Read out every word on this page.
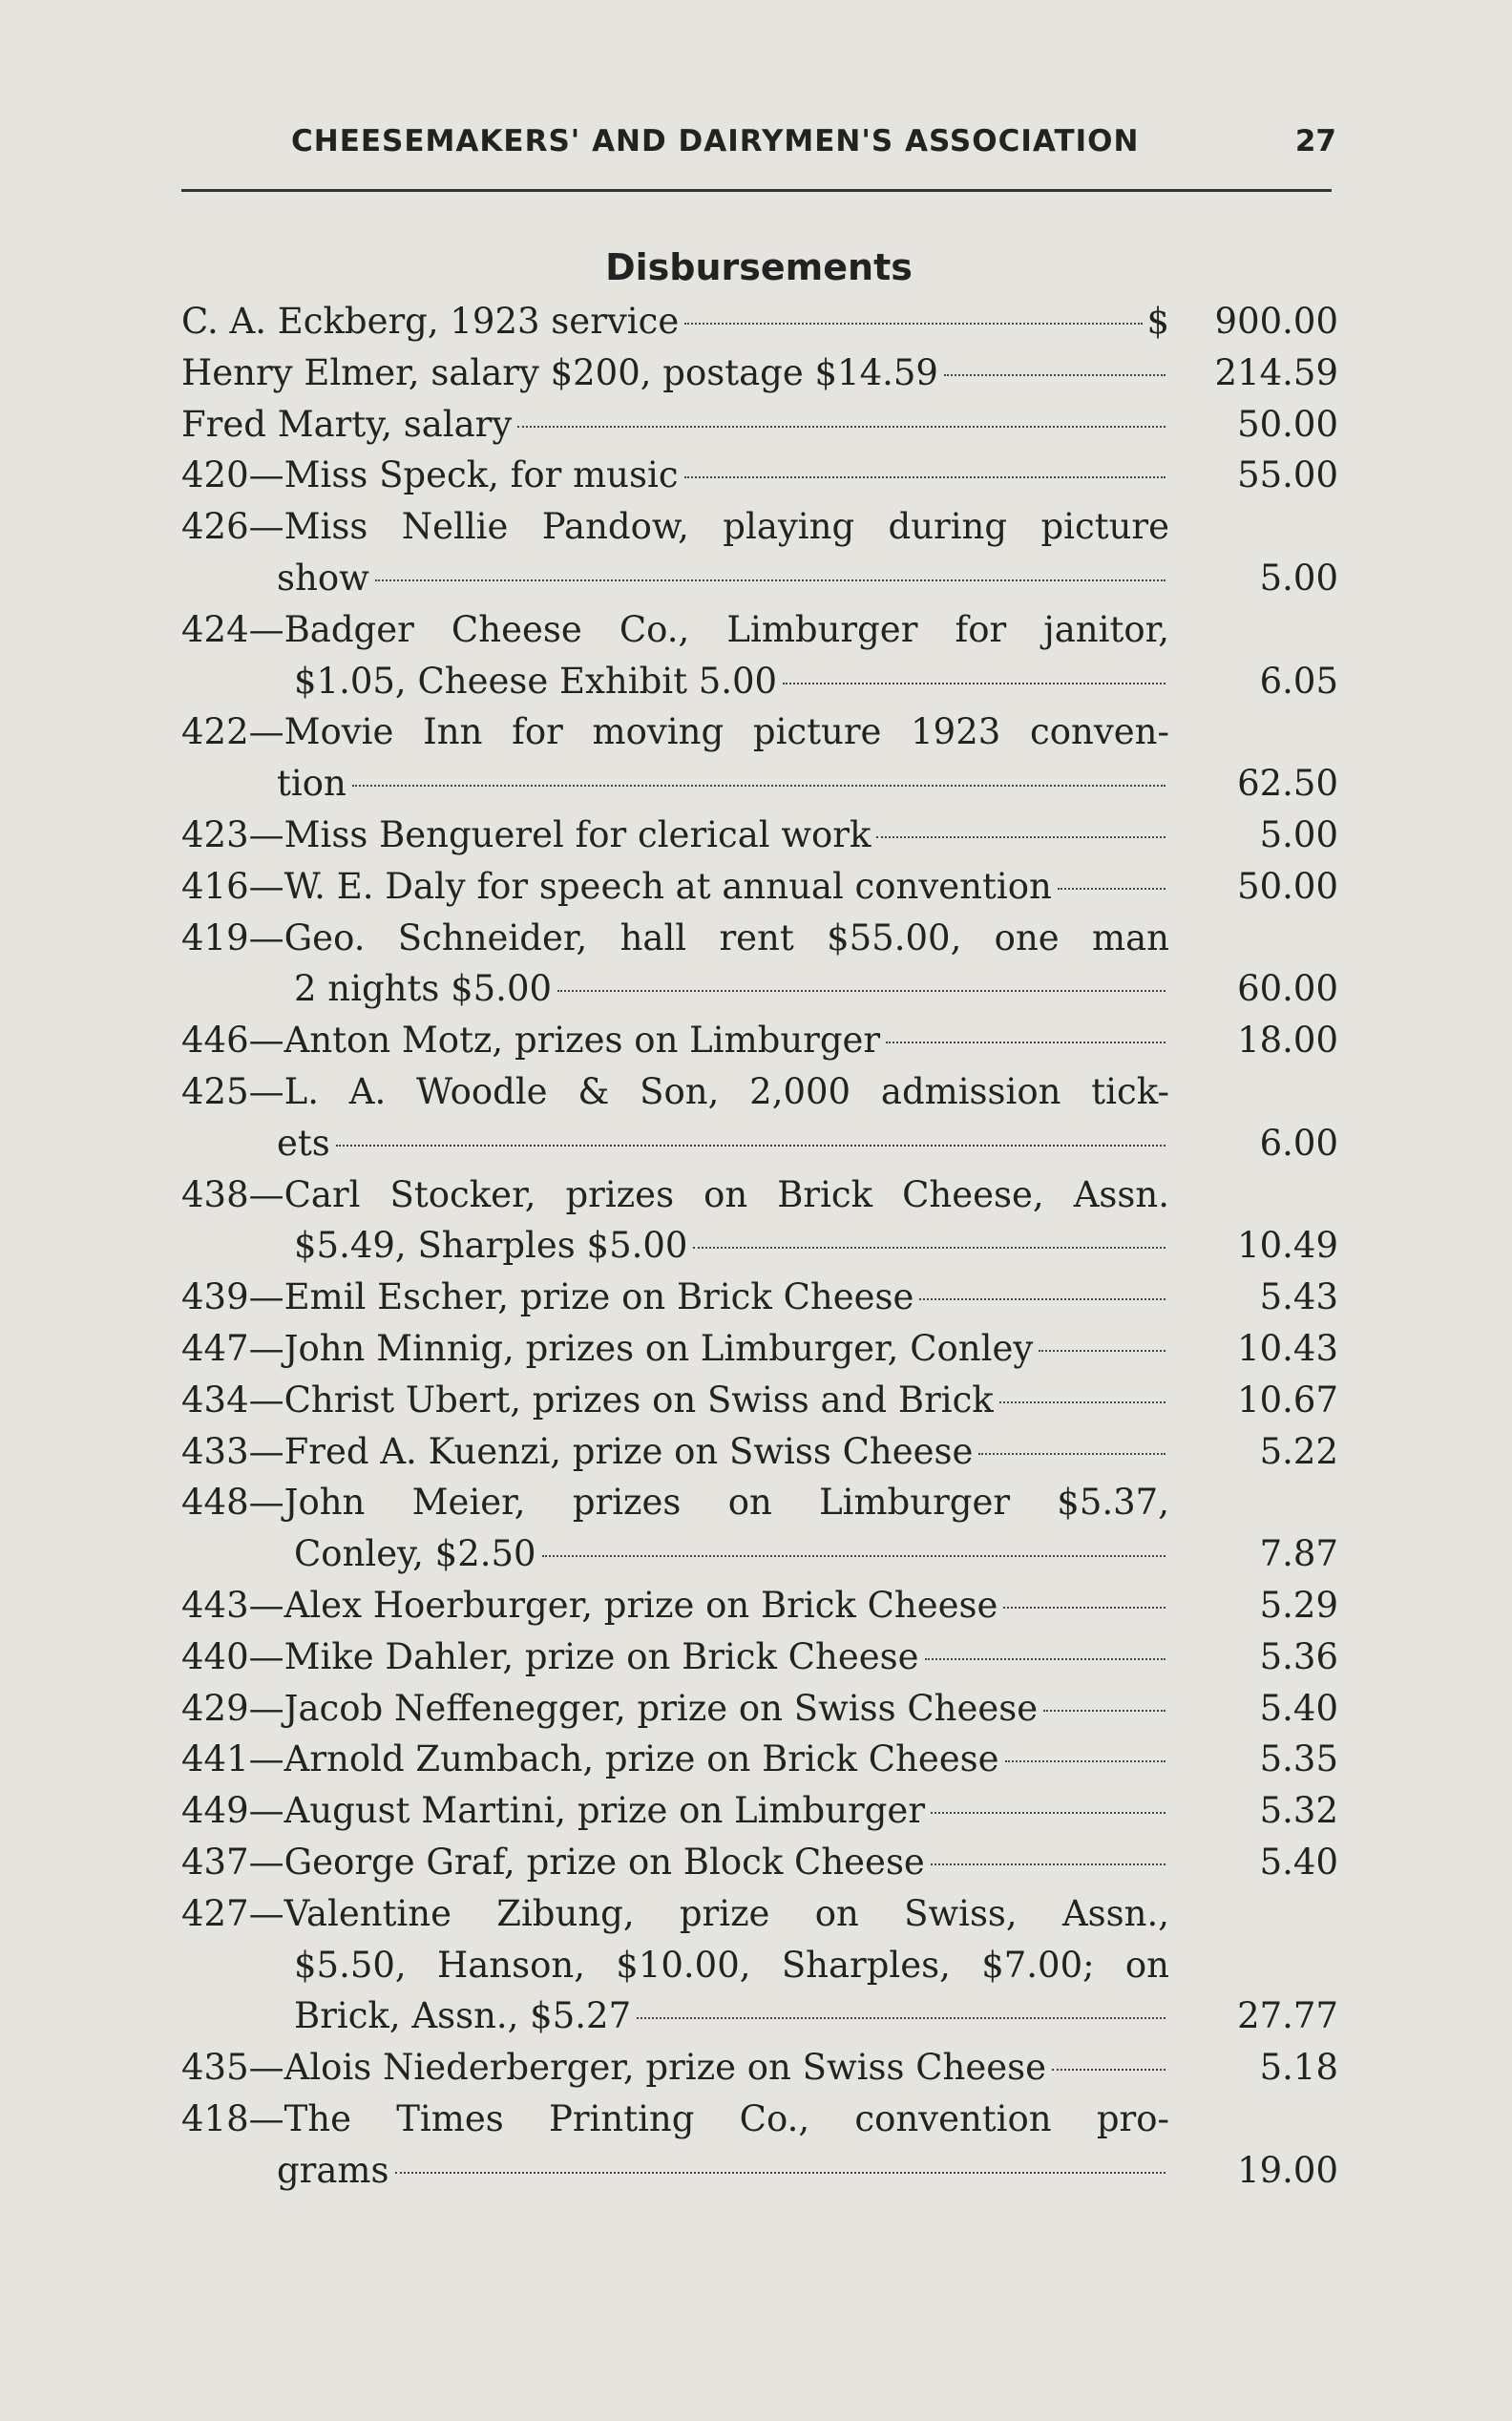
CHEESEMAKERS' AND DAIRYMEN'S ASSOCIATION	27
Disbursements
C. A. Eckberg, 1923 service	$	900.00
Henry Elmer, salary $200, postage $14.59	214.59
Fred Marty, salary	50.00
420—Miss Speck, for music	55.00
426—Miss Nellie Pandow, playing during picture
show	5.00
424—Badger Cheese Co., Limburger for janitor,
$1.05, Cheese Exhibit 5.00	6.05
422—Movie Inn for moving picture 1923 conven-
tion	62.50
423—Miss Benguerel for clerical work	5.00
416—W. E. Daly for speech at annual convention	50.00
419—Geo. Schneider, hall rent $55.00, one man
2 nights $5.00	60.00
446—Anton Motz, prizes on Limburger	18.00
425—L. A. Woodle & Son, 2,000 admission tick-
ets	6.00
438—Carl Stocker, prizes on Brick Cheese, Assn.
$5.49, Sharples $5.00	10.49
439—Emil Escher, prize on Brick Cheese	5.43
447—John Minnig, prizes on Limburger, Conley	10.43
434—Christ Ubert, prizes on Swiss and Brick	10.67
433—Fred A. Kuenzi, prize on Swiss Cheese	5.22
448—John Meier, prizes on Limburger $5.37,
Conley, $2.50	7.87
443—Alex Hoerburger, prize on Brick Cheese	5.29
440—Mike Dahler, prize on Brick Cheese	5.36
429—Jacob Neffenegger, prize on Swiss Cheese	5.40
441—Arnold Zumbach, prize on Brick Cheese	5.35
449—August Martini, prize on Limburger	5.32
437—George Graf, prize on Block Cheese	5.40
427—Valentine Zibung, prize on Swiss, Assn.,
$5.50, Hanson, $10.00, Sharples, $7.00; on
Brick, Assn., $5.27	27.77
435—Alois Niederberger, prize on Swiss Cheese	5.18
418—The Times Printing Co., convention pro-
grams	19.00
